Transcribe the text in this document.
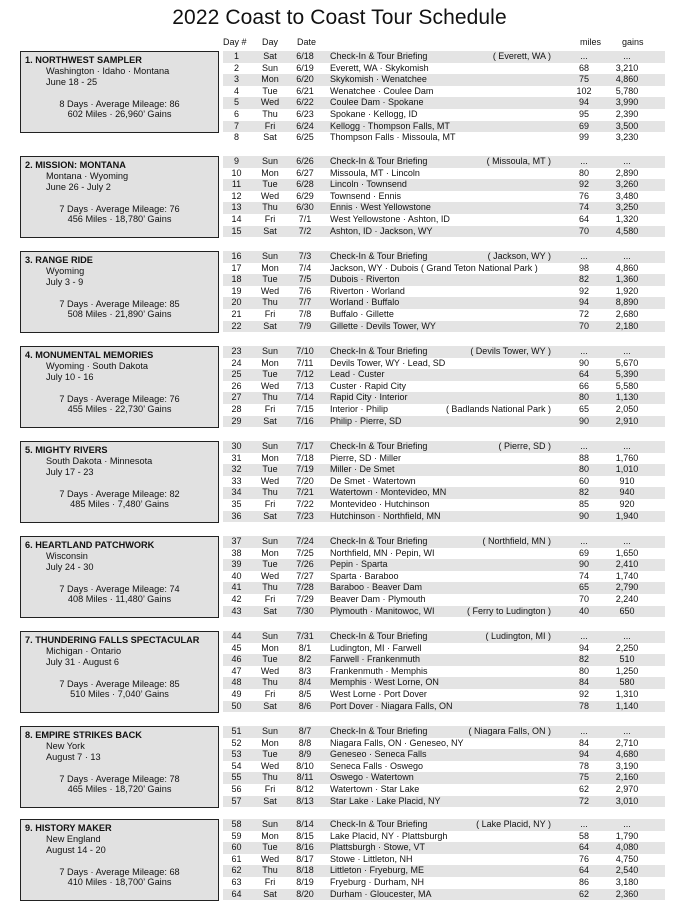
2022 Coast to Coast Tour Schedule
Day # Day Date	miles gains
1. NORTHWEST SAMPLER
Washington · Idaho · Montana
June 18 - 25
8 Days · Average Mileage: 86
602 Miles · 26,960’ Gains
1	Sat	6/18	Check-In & Tour Briefing	( Everett, WA )	...	...
2	Sun	6/19	Everett, WA · Skykomish	68	3,210
3	Mon	6/20	Skykomish · Wenatchee	75	4,860
4	Tue	6/21	Wenatchee · Coulee Dam	102	5,780
5	Wed	6/22	Coulee Dam · Spokane	94	3,990
6	Thu	6/23	Spokane · Kellogg, ID	95	2,390
7	Fri	6/24	Kellogg · Thompson Falls, MT	69	3,500
8	Sat	6/25	Thompson Falls · Missoula, MT	99	3,230
2. MISSION: MONTANA
Montana · Wyoming
June 26 - July 2
7 Days · Average Mileage: 76
456 Miles · 18,780’ Gains
9	Sun	6/26	Check-In & Tour Briefing	( Missoula, MT )	...	...
10	Mon	6/27	Missoula, MT · Lincoln	80	2,890
11	Tue	6/28	Lincoln · Townsend	92	3,260
12	Wed	6/29	Townsend · Ennis	76	3,480
13	Thu	6/30	Ennis · West Yellowstone	74	3,250
14	Fri	7/1	West Yellowstone · Ashton, ID	64	1,320
15	Sat	7/2	Ashton, ID · Jackson, WY	70	4,580
3. RANGE RIDE
Wyoming
July 3 - 9
7 Days · Average Mileage: 85
508 Miles · 21,890’ Gains
16	Sun	7/3	Check-In & Tour Briefing	( Jackson, WY )	...	...
17	Mon	7/4	Jackson, WY · Dubois ( Grand Teton National Park )	98	4,860
18	Tue	7/5	Dubois · Riverton	82	1,360
19	Wed	7/6	Riverton · Worland	92	1,920
20	Thu	7/7	Worland · Buffalo	94	8,890
21	Fri	7/8	Buffalo · Gillette	72	2,680
22	Sat	7/9	Gillette · Devils Tower, WY	70	2,180
4. MONUMENTAL MEMORIES
Wyoming · South Dakota
July 10 - 16
7 Days · Average Mileage: 76
455 Miles · 22,730’ Gains
23	Sun	7/10	Check-In & Tour Briefing	( Devils Tower, WY )	...	...
24	Mon	7/11	Devils Tower, WY · Lead, SD	90	5,670
25	Tue	7/12	Lead · Custer	64	5,390
26	Wed	7/13	Custer · Rapid City	66	5,580
27	Thu	7/14	Rapid City · Interior	80	1,130
28	Fri	7/15	Interior · Philip	( Badlands National Park )	65	2,050
29	Sat	7/16	Philip · Pierre, SD	90	2,910
5. MIGHTY RIVERS
South Dakota · Minnesota
July 17 - 23
7 Days · Average Mileage: 82
485 Miles · 7,480’ Gains
30	Sun	7/17	Check-In & Tour Briefing	( Pierre, SD )	...	...
31	Mon	7/18	Pierre, SD · Miller	88	1,760
32	Tue	7/19	Miller · De Smet	80	1,010
33	Wed	7/20	De Smet · Watertown	60	910
34	Thu	7/21	Watertown · Montevideo, MN	82	940
35	Fri	7/22	Montevideo · Hutchinson	85	920
36	Sat	7/23	Hutchinson · Northfield, MN	90	1,940
6. HEARTLAND PATCHWORK
Wisconsin
July 24 - 30
7 Days · Average Mileage: 74
408 Miles · 11,480’ Gains
37	Sun	7/24	Check-In & Tour Briefing	( Northfield, MN )	...	...
38	Mon	7/25	Northfield, MN · Pepin, WI	69	1,650
39	Tue	7/26	Pepin · Sparta	90	2,410
40	Wed	7/27	Sparta · Baraboo	74	1,740
41	Thu	7/28	Baraboo · Beaver Dam	65	2,790
42	Fri	7/29	Beaver Dam · Plymouth	70	2,240
43	Sat	7/30	Plymouth · Manitowoc, WI	( Ferry to Ludington )	40	650
7. THUNDERING FALLS SPECTACULAR
Michigan · Ontario
July 31 · August 6
7 Days · Average Mileage: 85
510 Miles · 7,040’ Gains
44	Sun	7/31	Check-In & Tour Briefing	( Ludington, MI )	...	...
45	Mon	8/1	Ludington, MI · Farwell	94	2,250
46	Tue	8/2	Farwell · Frankenmuth	82	510
47	Wed	8/3	Frankenmuth · Memphis	80	1,250
48	Thu	8/4	Memphis · West Lorne, ON	84	580
49	Fri	8/5	West Lorne · Port Dover	92	1,310
50	Sat	8/6	Port Dover · Niagara Falls, ON	78	1,140
8. EMPIRE STRIKES BACK
New York
August 7 · 13
7 Days · Average Mileage: 78
465 Miles · 18,720’ Gains
51	Sun	8/7	Check-In & Tour Briefing	( Niagara Falls, ON )	...	...
52	Mon	8/8	Niagara Falls, ON · Geneseo, NY	84	2,710
53	Tue	8/9	Geneseo · Seneca Falls	94	4,680
54	Wed	8/10	Seneca Falls · Oswego	78	3,190
55	Thu	8/11	Oswego · Watertown	75	2,160
56	Fri	8/12	Watertown · Star Lake	62	2,970
57	Sat	8/13	Star Lake · Lake Placid, NY	72	3,010
9. HISTORY MAKER
New England
August 14 - 20
7 Days · Average Mileage: 68
410 Miles · 18,700’ Gains
58	Sun	8/14	Check-In & Tour Briefing	( Lake Placid, NY )	...	...
59	Mon	8/15	Lake Placid, NY · Plattsburgh	58	1,790
60	Tue	8/16	Plattsburgh · Stowe, VT	64	4,080
61	Wed	8/17	Stowe · Littleton, NH	76	4,750
62	Thu	8/18	Littleton · Fryeburg, ME	64	2,540
63	Fri	8/19	Fryeburg · Durham, NH	86	3,180
64	Sat	8/20	Durham · Gloucester, MA	62	2,360
